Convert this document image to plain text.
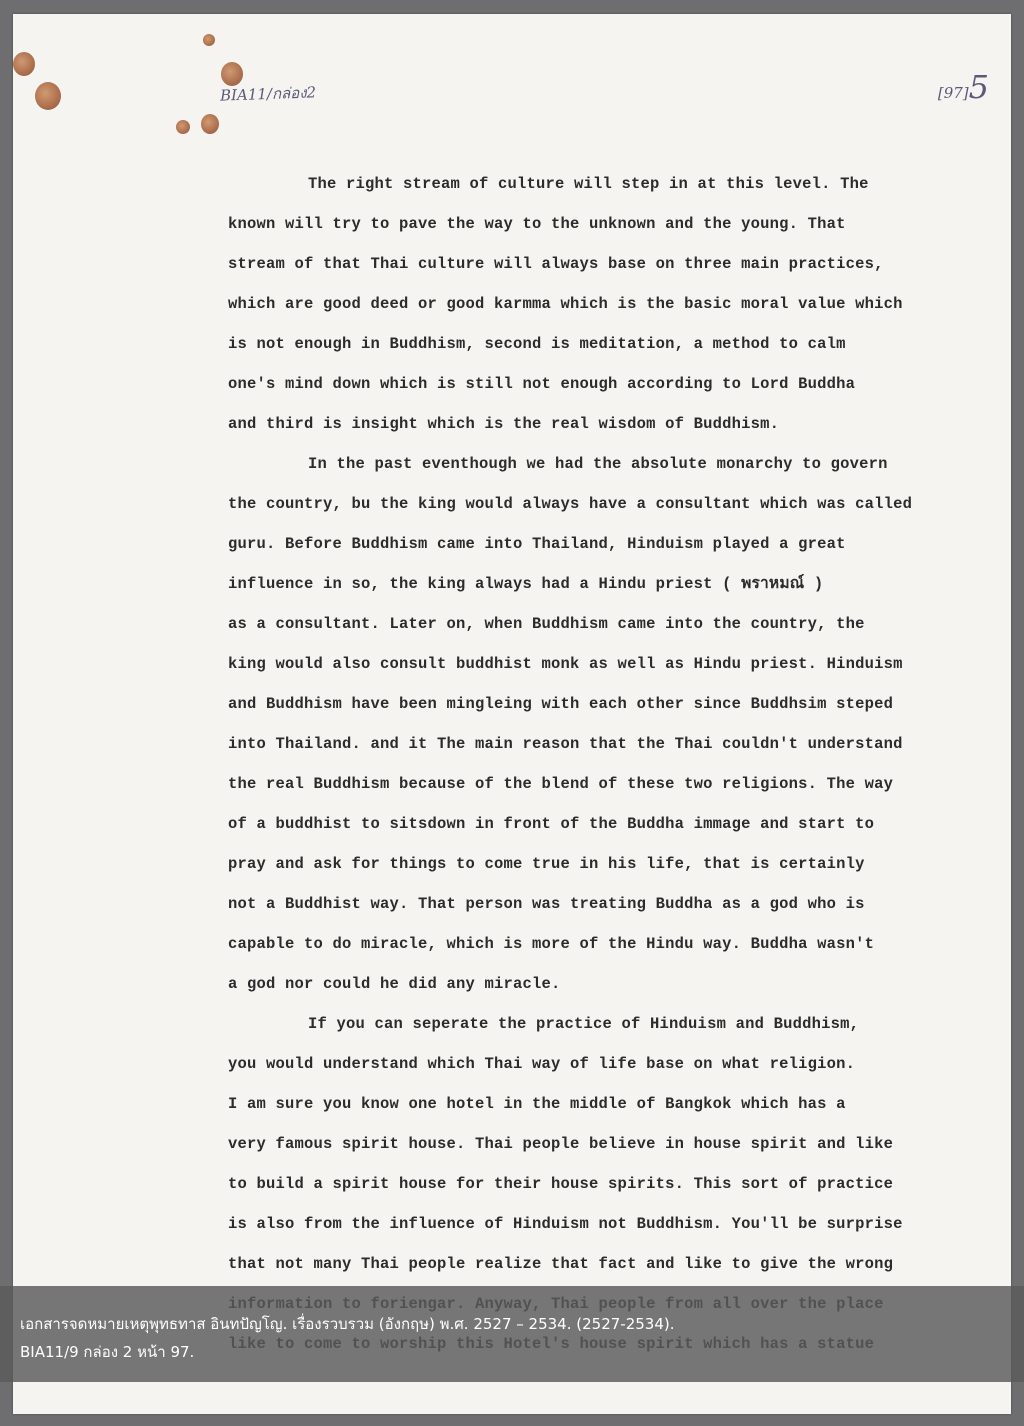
BIA11/กล่อง2	[97]5
The right stream of culture will step in at this level. The
known will try to pave the way to the unknown and the young. That
stream of that Thai culture will always base on three main practices,
which are good deed or good karmma which is the basic moral value which
is not enough in Buddhism, second is meditation, a method to calm
one's mind down which is still not enough according to Lord Buddha
and third is insight which is the real wisdom of Buddhism.
In the past eventhough we had the absolute monarchy to govern
the country, bu the king would always have a consultant which was called
guru. Before Buddhism came into Thailand, Hinduism played a great
influence in so, the king always had a Hindu priest ( พราหมณ์ )
as a consultant. Later on, when Buddhism came into the country, the
king would also consult buddhist monk as well as Hindu priest. Hinduism
and Buddhism have been mingleing with each other since Buddhsim steped
into Thailand. and it The main reason that the Thai couldn't understand
the real Buddhism because of the blend of these two religions. The way
of a buddhist to sitsdown in front of the Buddha immage and start to
pray and ask for things to come true in his life, that is certainly
not a Buddhist way. That person was treating Buddha as a god who is
capable to do miracle, which is more of the Hindu way. Buddha wasn't
a god nor could he did any miracle.
If you can seperate the practice of Hinduism and Buddhism,
you would understand which Thai way of life base on what religion.
I am sure you know one hotel in the middle of Bangkok which has a
very famous spirit house. Thai people believe in house spirit and like
to build a spirit house for their house spirits. This sort of practice
is also from the influence of Hinduism not Buddhism. You'll be surprise
that not many Thai people realize that fact and like to give the wrong
เอกสารจดหมายเหตุพุทธทาส อินทปัญโญ. เรื่องรวบรวม (อังกฤษ) พ.ศ. 2527 – 2534. (2527-2534).
BIA11/9 กล่อง 2 หน้า 97.
